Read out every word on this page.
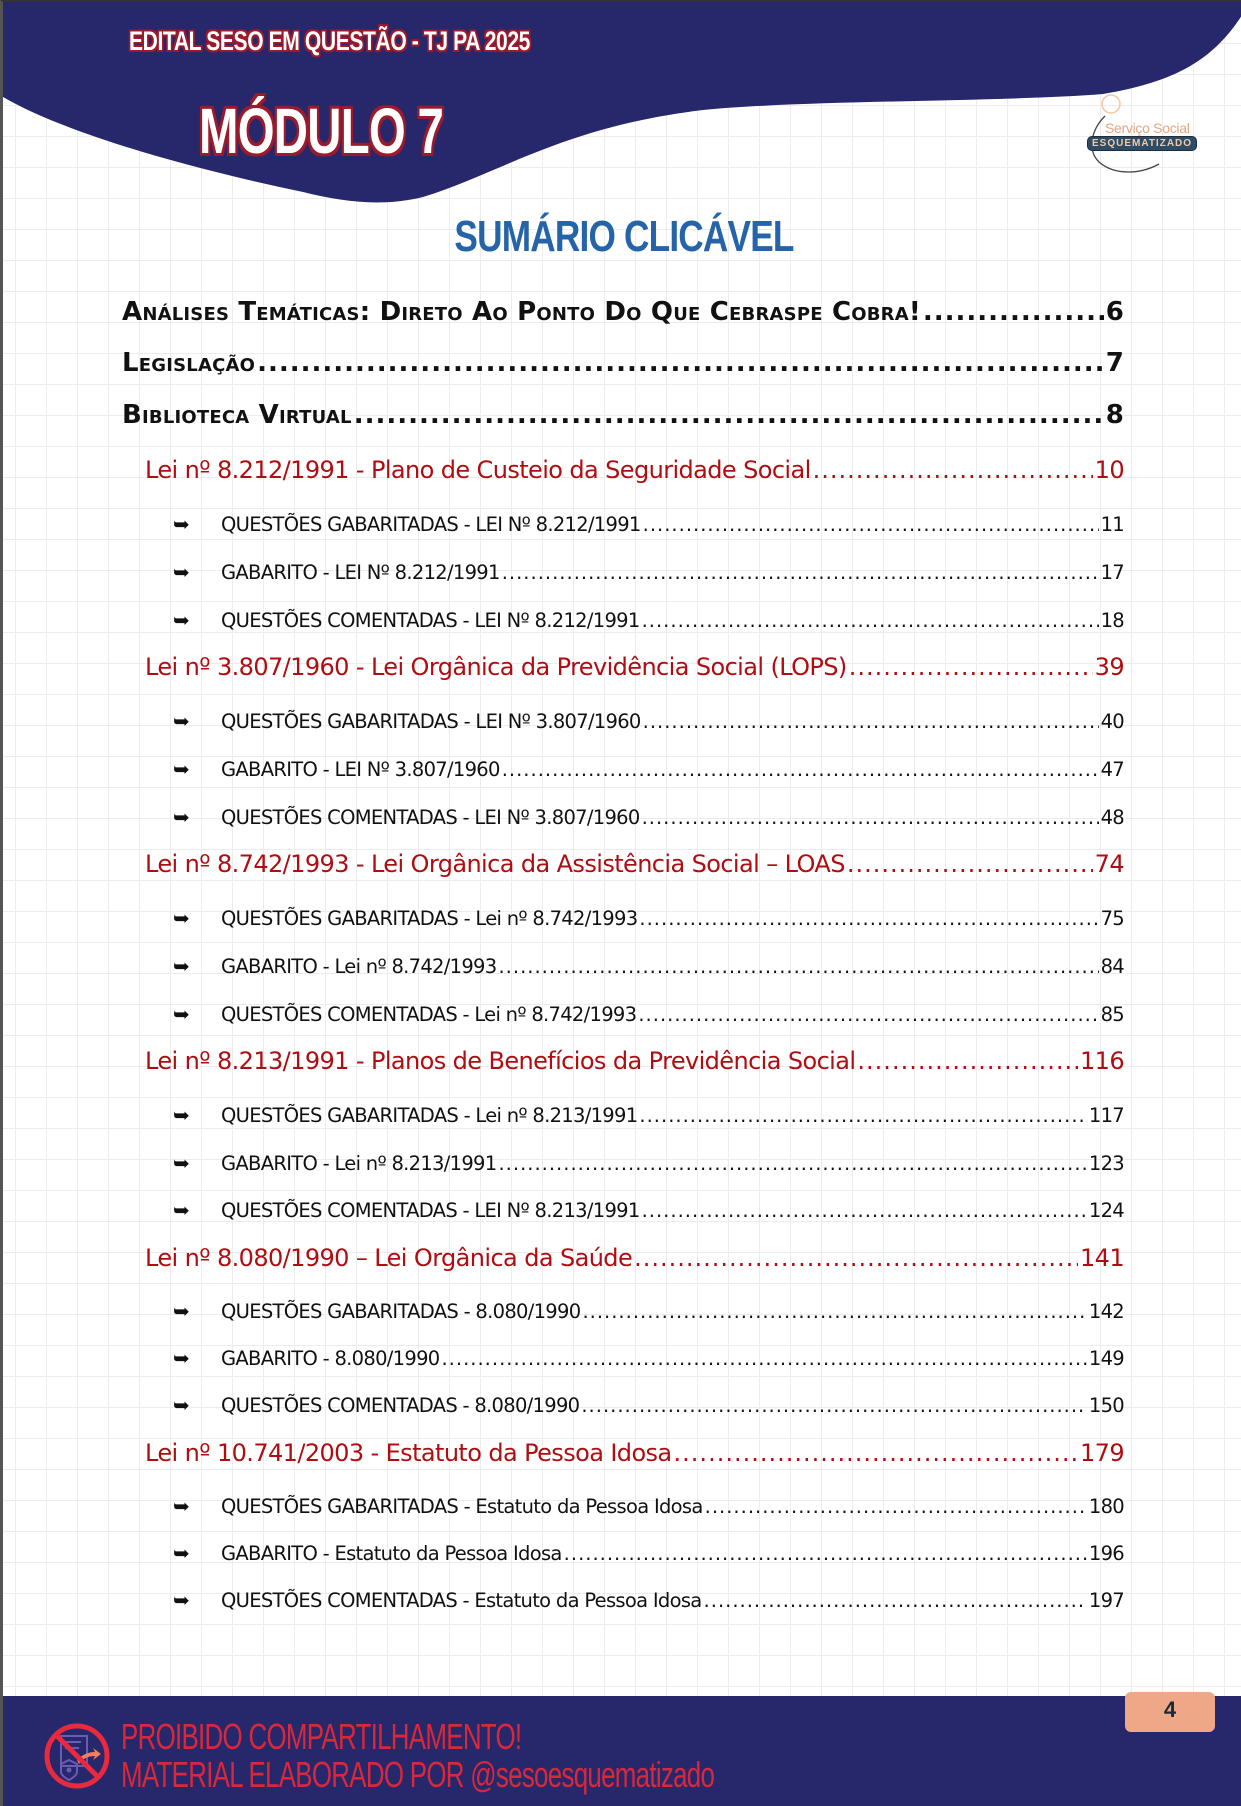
EDITAL SESO EM QUESTÃO - TJ PA 2025
MÓDULO 7	Serviço Social
ESQUEMATIZADO
SUMÁRIO CLICÁVEL
Análises Temáticas: Direto Ao Ponto Do Que Cebraspe Cobra! .....	6
Legislação .....	7
Biblioteca Virtual .....	8
Lei nº 8.212/1991 - Plano de Custeio da Seguridade Social .....	10
➥	QUESTÕES GABARITADAS - LEI Nº 8.212/1991 .....	11
➥	GABARITO - LEI Nº 8.212/1991 .....	17
➥	QUESTÕES COMENTADAS - LEI Nº 8.212/1991 .....	18
Lei nº 3.807/1960 - Lei Orgânica da Previdência Social (LOPS) .....	39
➥	QUESTÕES GABARITADAS - LEI Nº 3.807/1960 .....	40
➥	GABARITO - LEI Nº 3.807/1960 .....	47
➥	QUESTÕES COMENTADAS - LEI Nº 3.807/1960 .....	48
Lei nº 8.742/1993 - Lei Orgânica da Assistência Social – LOAS .....	74
➥	QUESTÕES GABARITADAS - Lei nº 8.742/1993 .....	75
➥	GABARITO - Lei nº 8.742/1993 .....	84
➥	QUESTÕES COMENTADAS - Lei nº 8.742/1993 .....	85
Lei nº 8.213/1991 - Planos de Benefícios da Previdência Social .....	116
➥	QUESTÕES GABARITADAS - Lei nº 8.213/1991 .....	117
➥	GABARITO - Lei nº 8.213/1991 .....	123
➥	QUESTÕES COMENTADAS - LEI Nº 8.213/1991 .....	124
Lei nº 8.080/1990 – Lei Orgânica da Saúde .....	141
➥	QUESTÕES GABARITADAS - 8.080/1990 .....	142
➥	GABARITO - 8.080/1990 .....	149
➥	QUESTÕES COMENTADAS - 8.080/1990 .....	150
Lei nº 10.741/2003 - Estatuto da Pessoa Idosa .....	179
➥	QUESTÕES GABARITADAS - Estatuto da Pessoa Idosa .....	180
➥	GABARITO - Estatuto da Pessoa Idosa .....	196
➥	QUESTÕES COMENTADAS - Estatuto da Pessoa Idosa .....	197
PROIBIDO COMPARTILHAMENTO!
MATERIAL ELABORADO POR @sesoesquematizado
4
